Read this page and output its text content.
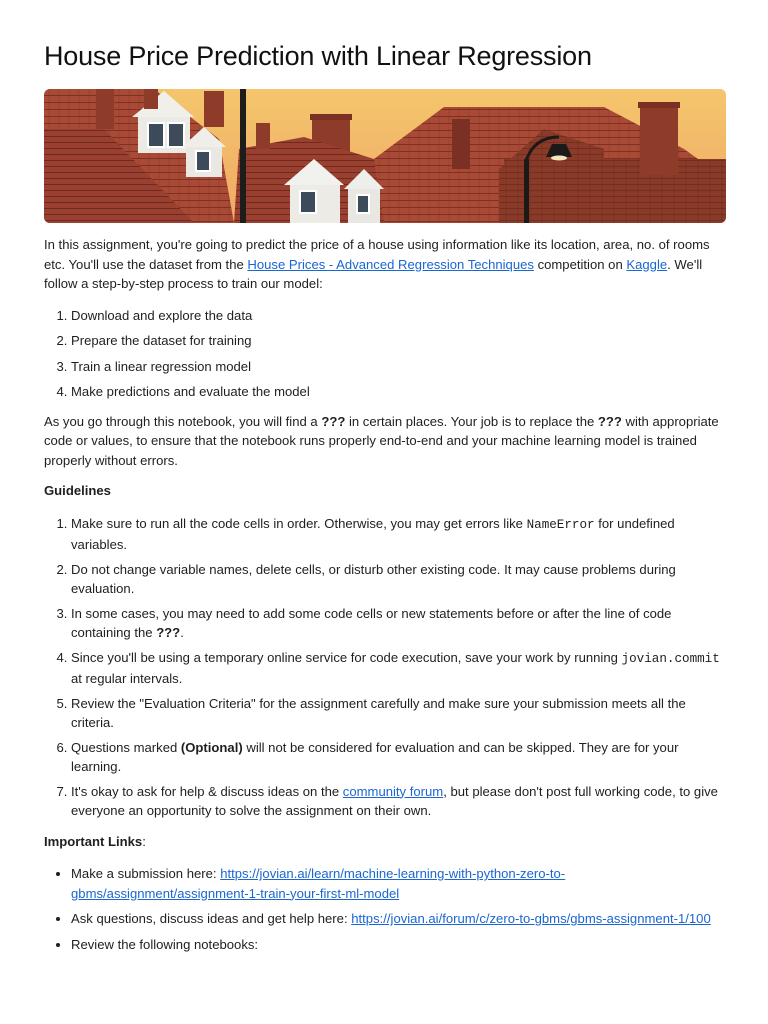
House Price Prediction with Linear Regression

In this assignment, you're going to predict the price of a house using information like its location, area, no. of rooms etc. You'll use the dataset from the House Prices - Advanced Regression Techniques competition on Kaggle. We'll follow a step-by-step process to train our model:

1. Download and explore the data
2. Prepare the dataset for training
3. Train a linear regression model
4. Make predictions and evaluate the model

As you go through this notebook, you will find a ??? in certain places. Your job is to replace the ??? with appropriate code or values, to ensure that the notebook runs properly end-to-end and your machine learning model is trained properly without errors.

Guidelines

1. Make sure to run all the code cells in order. Otherwise, you may get errors like NameError for undefined variables.
2. Do not change variable names, delete cells, or disturb other existing code. It may cause problems during evaluation.
3. In some cases, you may need to add some code cells or new statements before or after the line of code containing the ???.
4. Since you'll be using a temporary online service for code execution, save your work by running jovian.commit at regular intervals.
5. Review the "Evaluation Criteria" for the assignment carefully and make sure your submission meets all the criteria.
6. Questions marked (Optional) will not be considered for evaluation and can be skipped. They are for your learning.
7. It's okay to ask for help & discuss ideas on the community forum, but please don't post full working code, to give everyone an opportunity to solve the assignment on their own.

Important Links:

• Make a submission here: https://jovian.ai/learn/machine-learning-with-python-zero-to-gbms/assignment/assignment-1-train-your-first-ml-model
• Ask questions, discuss ideas and get help here: https://jovian.ai/forum/c/zero-to-gbms/gbms-assignment-1/100
• Review the following notebooks:
